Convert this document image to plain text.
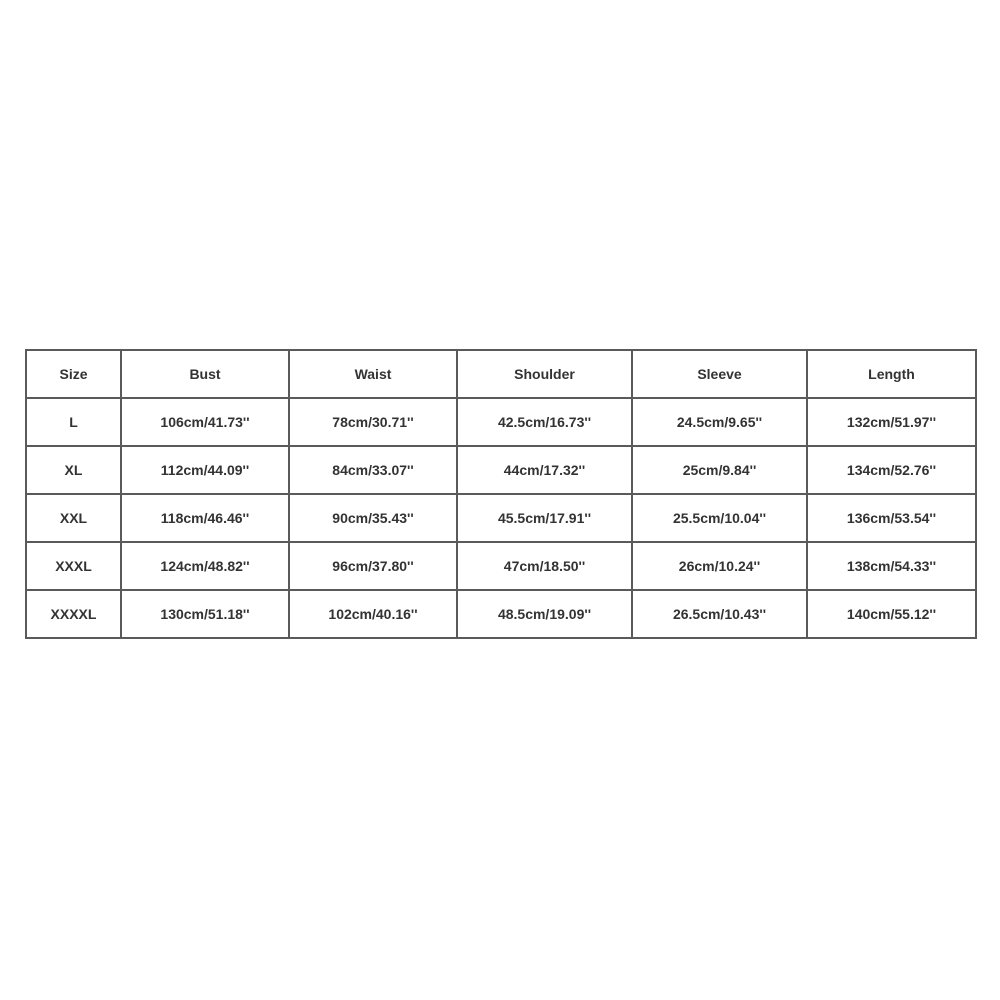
Size	Bust	Waist	Shoulder	Sleeve	Length
L	106cm/41.73''	78cm/30.71''	42.5cm/16.73''	24.5cm/9.65''	132cm/51.97''
XL	112cm/44.09''	84cm/33.07''	44cm/17.32''	25cm/9.84''	134cm/52.76''
XXL	118cm/46.46''	90cm/35.43''	45.5cm/17.91''	25.5cm/10.04''	136cm/53.54''
XXXL	124cm/48.82''	96cm/37.80''	47cm/18.50''	26cm/10.24''	138cm/54.33''
XXXXL	130cm/51.18''	102cm/40.16''	48.5cm/19.09''	26.5cm/10.43''	140cm/55.12''
